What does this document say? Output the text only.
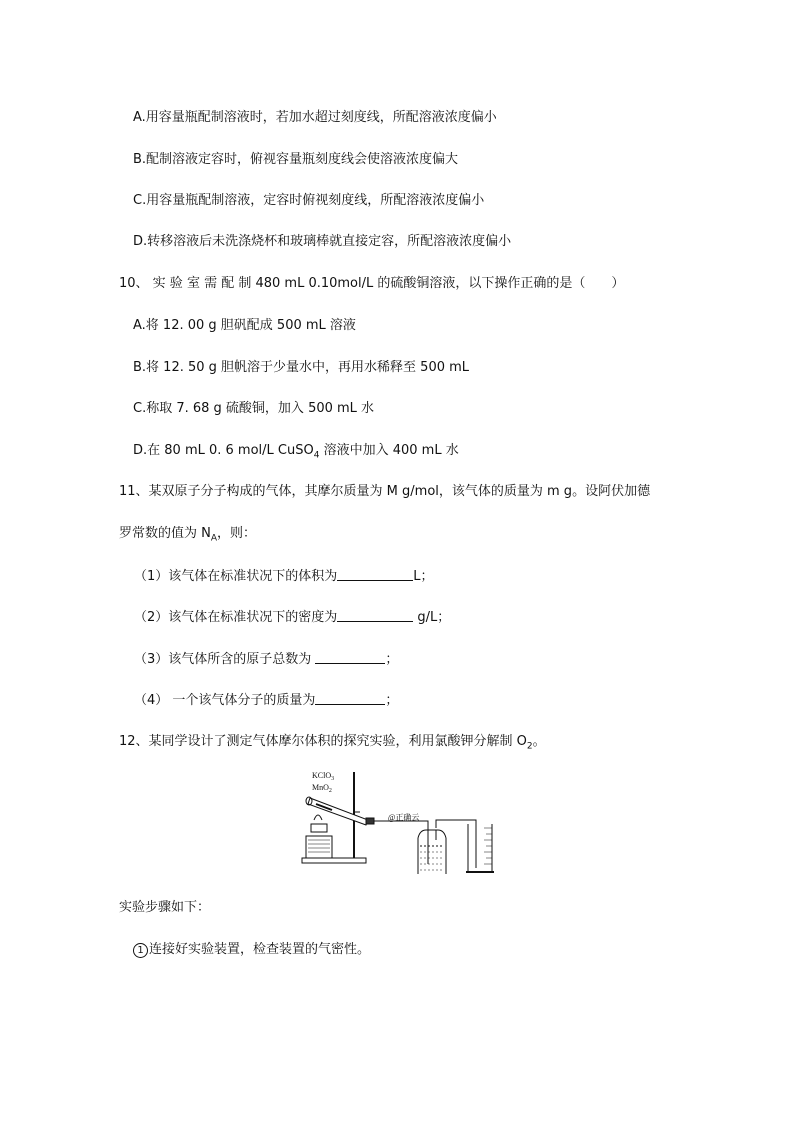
A.用容量瓶配制溶液时，若加水超过刻度线，所配溶液浓度偏小
B.配制溶液定容时，俯视容量瓶刻度线会使溶液浓度偏大
C.用容量瓶配制溶液，定容时俯视刻度线，所配溶液浓度偏小
D.转移溶液后未洗涤烧杯和玻璃棒就直接定容，所配溶液浓度偏小
10、 实 验 室 需 配 制 480 mL 0.10mol/L 的硫酸铜溶液，以下操作正确的是（　　）
A.将 12. 00 g 胆矾配成 500 mL 溶液
B.将 12. 50 g 胆帆溶于少量水中，再用水稀释至 500 mL
C.称取 7. 68 g 硫酸铜，加入 500 mL 水
D.在 80 mL 0. 6 mol/L CuSO$_4$ 溶液中加入 400 mL 水
11、某双原子分子构成的气体，其摩尔质量为 M g/mol，该气体的质量为 m g。设阿伏加德
罗常数的值为 $N_A$，则：
（1）该气体在标准状况下的体积为	L；
（2）该气体在标准状况下的密度为	g/L；
（3）该气体所含的原子总数为	；
（4） 一个该气体分子的质量为	；
12、某同学设计了测定气体摩尔体积的探究实验，利用氯酸钾分解制 $O_2$。
KClO$_3$
MnO$_2$
@正确云
实验步骤如下：
1 连接好实验装置，检查装置的气密性。
